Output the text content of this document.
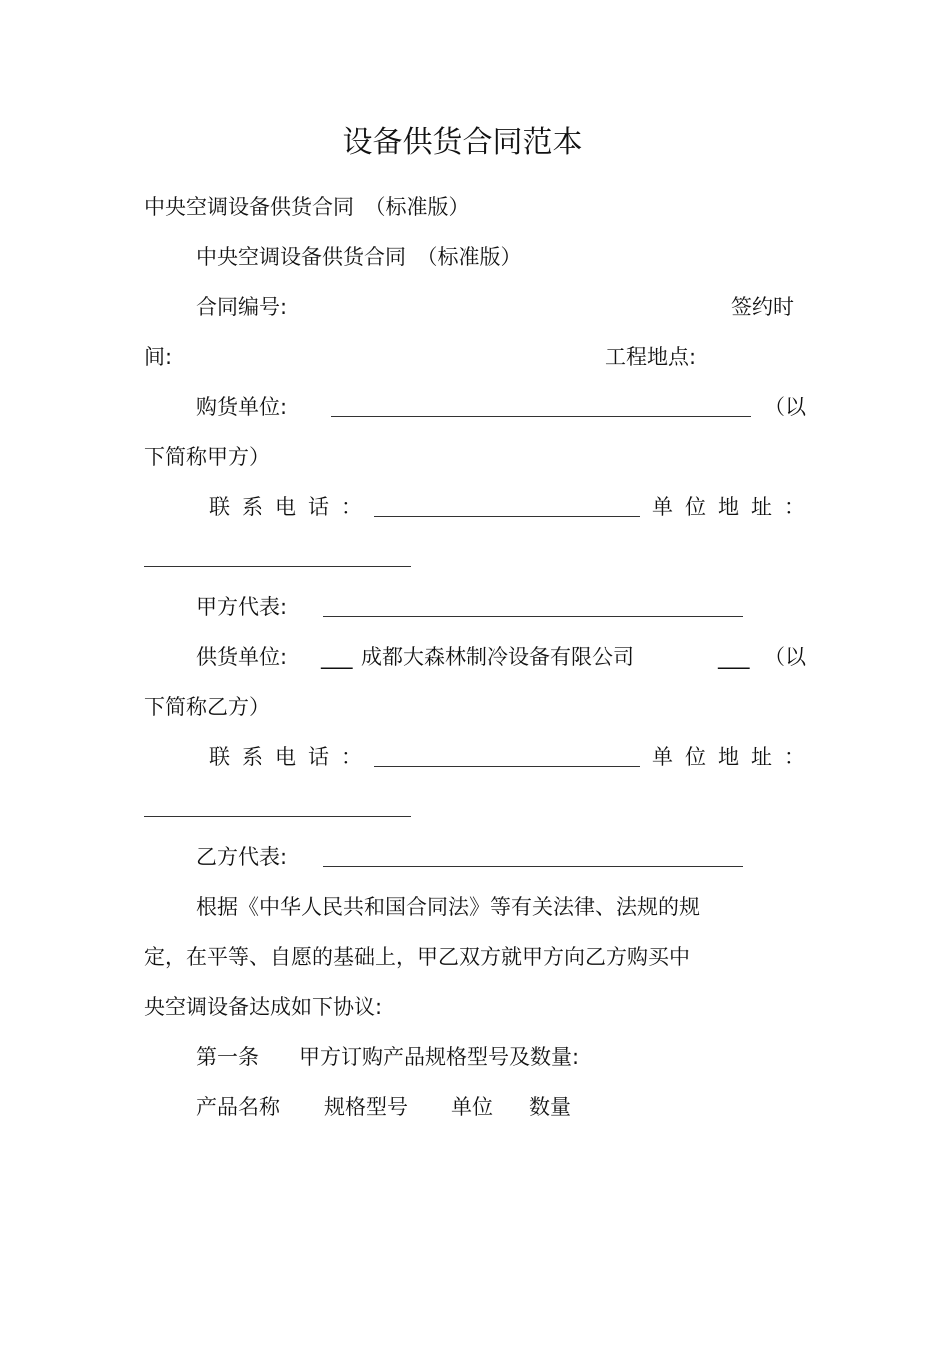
设备供货合同范本
中央空调设备供货合同　（标准版）
中央空调设备供货合同　（标准版）
合同编号:	签约时
间:	工程地点:
购货单位:	（以
下简称甲方）
联系电话：	单位地址：
甲方代表:
供货单位: ___ 成都大森林制冷设备有限公司	___ （以
下简称乙方）
联系电话：	单位地址：
乙方代表:
根据《中华人民共和国合同法》等有关法律、法规的规
定，在平等、自愿的基础上，甲乙双方就甲方向乙方购买中
央空调设备达成如下协议:
第一条 甲方订购产品规格型号及数量:
产品名称 规格型号 单位 数量
